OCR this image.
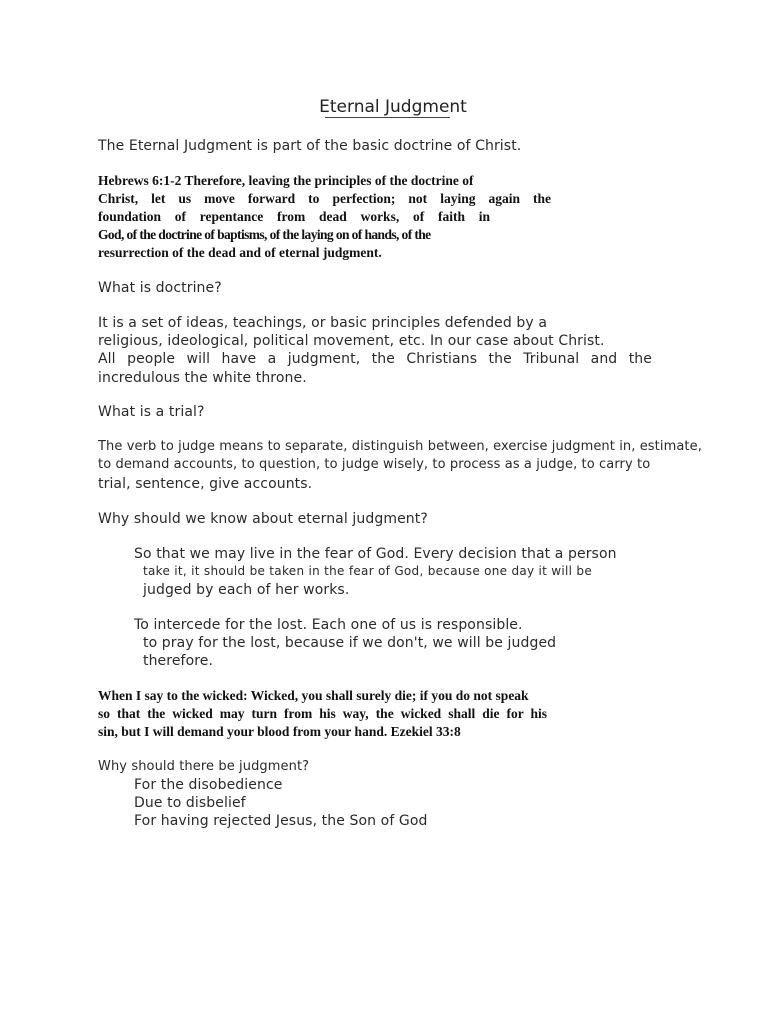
Eternal Judgment
The Eternal Judgment is part of the basic doctrine of Christ.
Hebrews 6:1-2 Therefore, leaving the principles of the doctrine of
Christ, let us move forward to perfection; not laying again the
foundation of repentance from dead works, of faith in
God, of the doctrine of baptisms, of the laying on of hands, of the
resurrection of the dead and of eternal judgment.
What is doctrine?
It is a set of ideas, teachings, or basic principles defended by a
religious, ideological, political movement, etc. In our case about Christ.
All people will have a judgment, the Christians the Tribunal and the
incredulous the white throne.
What is a trial?
The verb to judge means to separate, distinguish between, exercise judgment in, estimate,
to demand accounts, to question, to judge wisely, to process as a judge, to carry to
trial, sentence, give accounts.
Why should we know about eternal judgment?
So that we may live in the fear of God. Every decision that a person
take it, it should be taken in the fear of God, because one day it will be
judged by each of her works.
To intercede for the lost. Each one of us is responsible.
to pray for the lost, because if we don't, we will be judged
therefore.
When I say to the wicked: Wicked, you shall surely die; if you do not speak
so that the wicked may turn from his way, the wicked shall die for his
sin, but I will demand your blood from your hand. Ezekiel 33:8
Why should there be judgment?
For the disobedience
Due to disbelief
For having rejected Jesus, the Son of God
